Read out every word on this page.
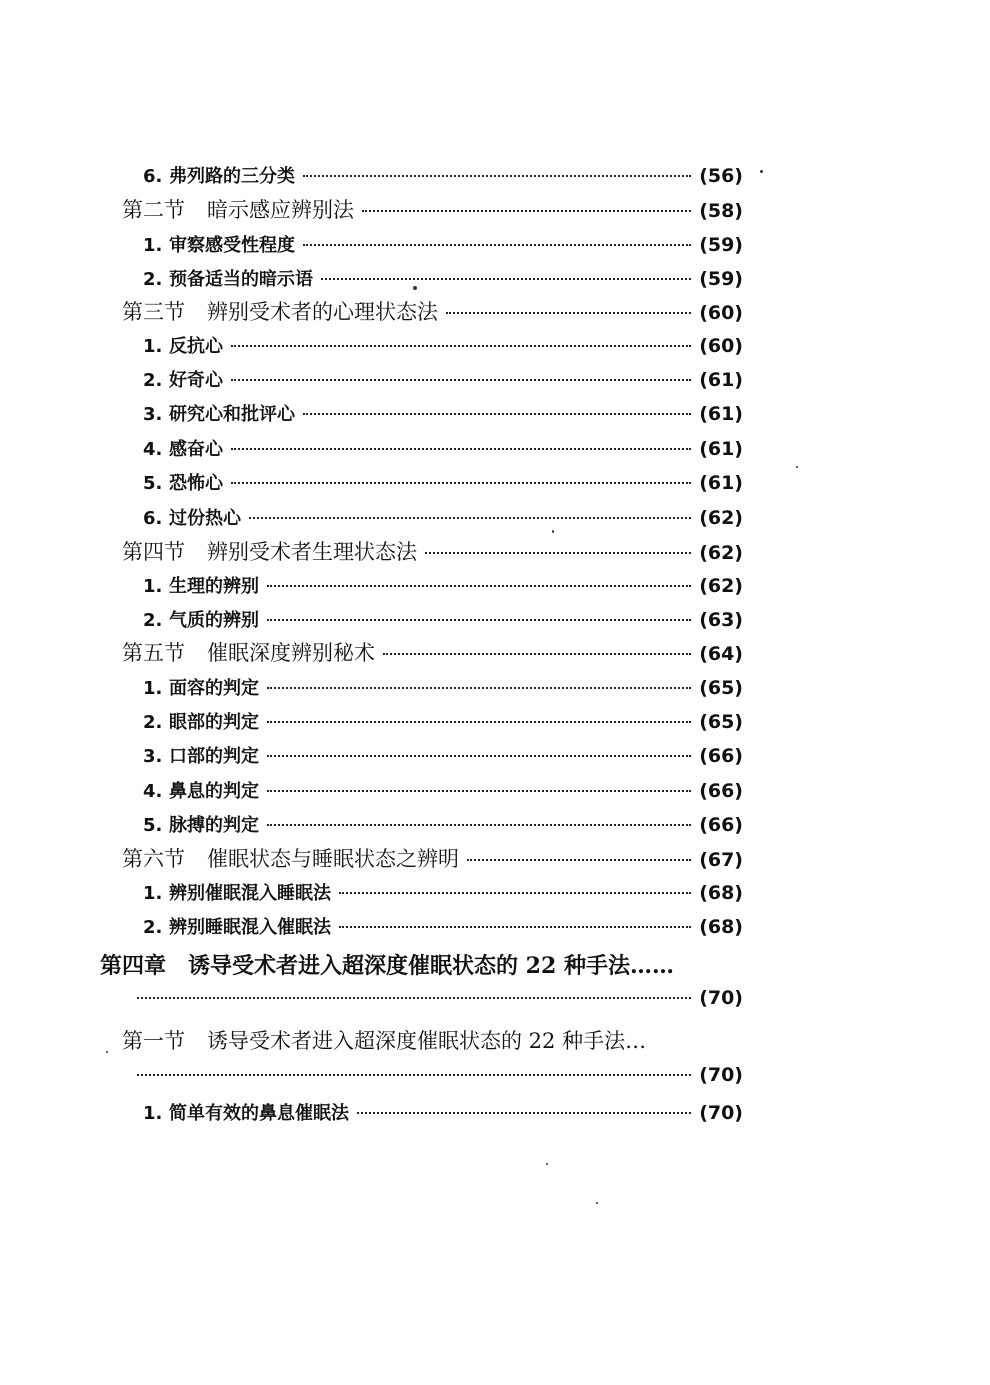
6. 弗列路的三分类	(56)
第二节 暗示感应辨别法	(58)
1. 审察感受性程度	(59)
2. 预备适当的暗示语	(59)
第三节 辨别受术者的心理状态法	(60)
1. 反抗心	(60)
2. 好奇心	(61)
3. 研究心和批评心	(61)
4. 感奋心	(61)
5. 恐怖心	(61)
6. 过份热心	(62)
第四节 辨别受术者生理状态法	(62)
1. 生理的辨别	(62)
2. 气质的辨别	(63)
第五节 催眠深度辨别秘术	(64)
1. 面容的判定	(65)
2. 眼部的判定	(65)
3. 口部的判定	(66)
4. 鼻息的判定	(66)
5. 脉搏的判定	(66)
第六节 催眠状态与睡眠状态之辨明	(67)
1. 辨别催眠混入睡眠法	(68)
2. 辨别睡眠混入催眠法	(68)
第四章 诱导受术者进入超深度催眠状态的 22 种手法……
(70)
第一节 诱导受术者进入超深度催眠状态的 22 种手法…
(70)
1. 简单有效的鼻息催眠法	(70)
